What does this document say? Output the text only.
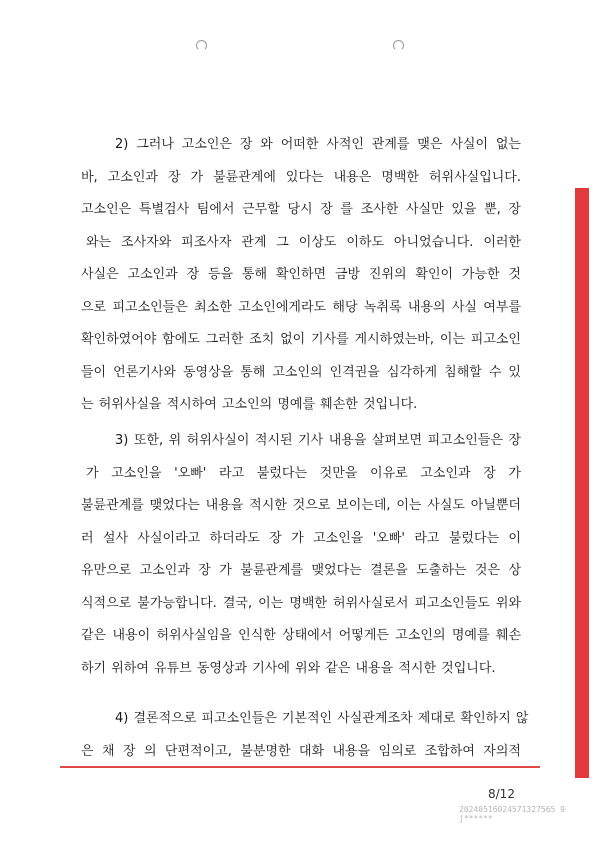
2) 그러나 고소인은 장 와 어떠한 사적인 관계를 맺은 사실이 없는
바, 고소인과 장 가 불륜관계에 있다는 내용은 명백한 허위사실입니다.
고소인은 특별검사 팀에서 근무할 당시 장 를 조사한 사실만 있을 뿐, 장
와는 조사자와 피조사자 관계 그 이상도 이하도 아니었습니다. 이러한
사실은 고소인과 장 등을 통해 확인하면 금방 진위의 확인이 가능한 것
으로 피고소인들은 최소한 고소인에게라도 해당 녹취록 내용의 사실 여부를
확인하였어야 함에도 그러한 조치 없이 기사를 게시하였는바, 이는 피고소인
들이 언론기사와 동영상을 통해 고소인의 인격권을 심각하게 침해할 수 있
는 허위사실을 적시하여 고소인의 명예를 훼손한 것입니다.
3) 또한, 위 허위사실이 적시된 기사 내용을 살펴보면 피고소인들은 장
가 고소인을 '오빠' 라고 불렀다는 것만을 이유로 고소인과 장 가
불륜관계를 맺었다는 내용을 적시한 것으로 보이는데, 이는 사실도 아닐뿐더
러 설사 사실이라고 하더라도 장 가 고소인을 '오빠' 라고 불렀다는 이
유만으로 고소인과 장 가 불륜관계를 맺었다는 결론을 도출하는 것은 상
식적으로 불가능합니다. 결국, 이는 명백한 허위사실로서 피고소인들도 위와
같은 내용이 허위사실임을 인식한 상태에서 어떻게든 고소인의 명예를 훼손
하기 위하여 유튜브 동영상과 기사에 위와 같은 내용을 적시한 것입니다.
4) 결론적으로 피고소인들은 기본적인 사실관계조차 제대로 확인하지 않
은 채 장 의 단편적이고, 불분명한 대화 내용을 임의로 조합하여 자의적
8/12
20240516024571327565 9 j******
